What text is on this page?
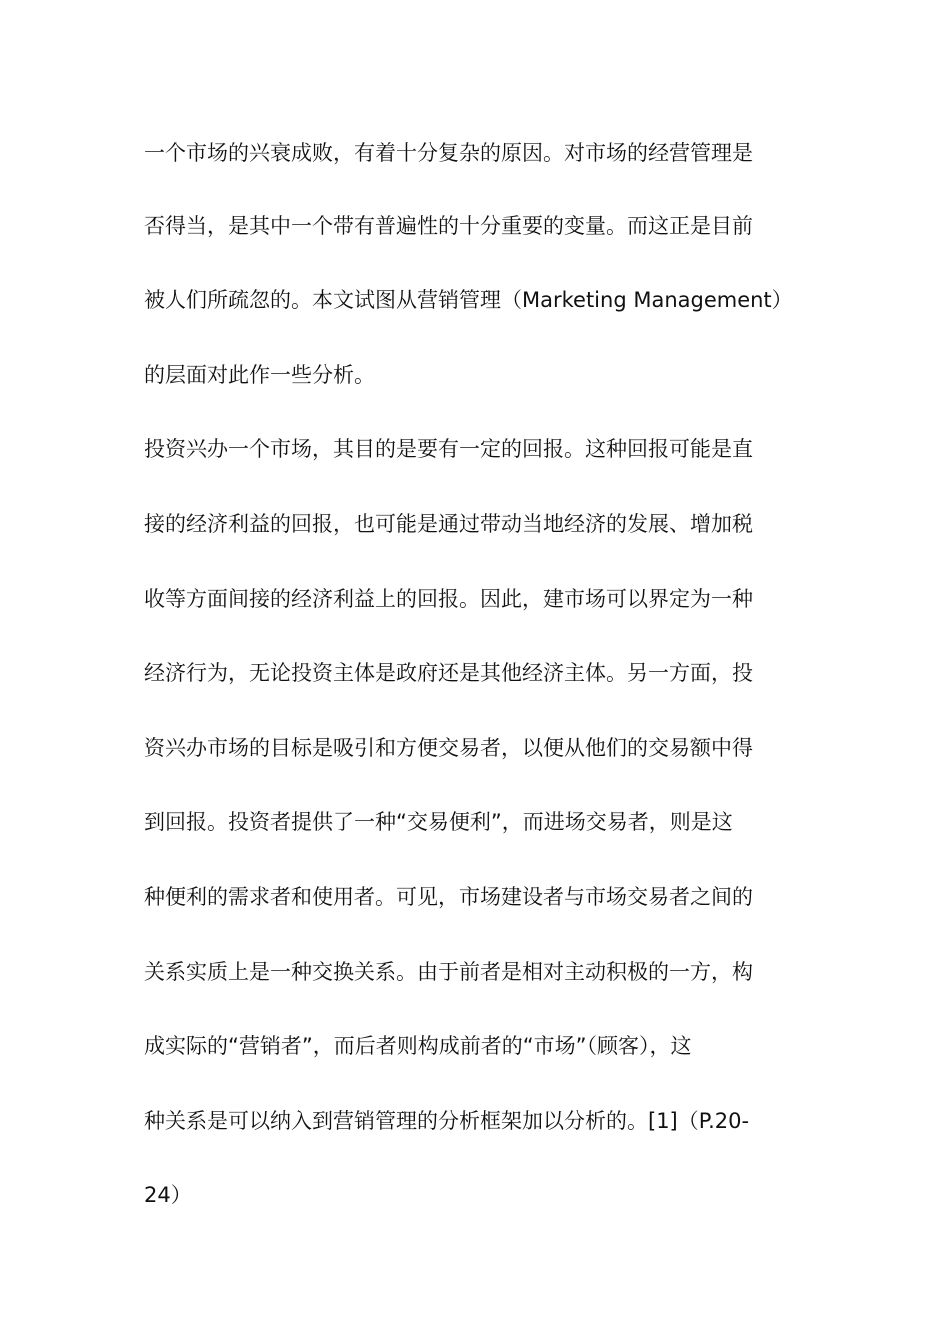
一个市场的兴衰成败，有着十分复杂的原因。对市场的经营管理是
否得当，是其中一个带有普遍性的十分重要的变量。而这正是目前
被人们所疏忽的。本文试图从营销管理（Marketing Management）
的层面对此作一些分析。
投资兴办一个市场，其目的是要有一定的回报。这种回报可能是直
接的经济利益的回报，也可能是通过带动当地经济的发展、增加税
收等方面间接的经济利益上的回报。因此，建市场可以界定为一种
经济行为，无论投资主体是政府还是其他经济主体。另一方面，投
资兴办市场的目标是吸引和方便交易者，以便从他们的交易额中得
到回报。投资者提供了一种“交易便利”，而进场交易者，则是这
种便利的需求者和使用者。可见，市场建设者与市场交易者之间的
关系实质上是一种交换关系。由于前者是相对主动积极的一方，构
成实际的“营销者”，而后者则构成前者的“市场”（顾客），这
种关系是可以纳入到营销管理的分析框架加以分析的。[1]（P.20-
24）
